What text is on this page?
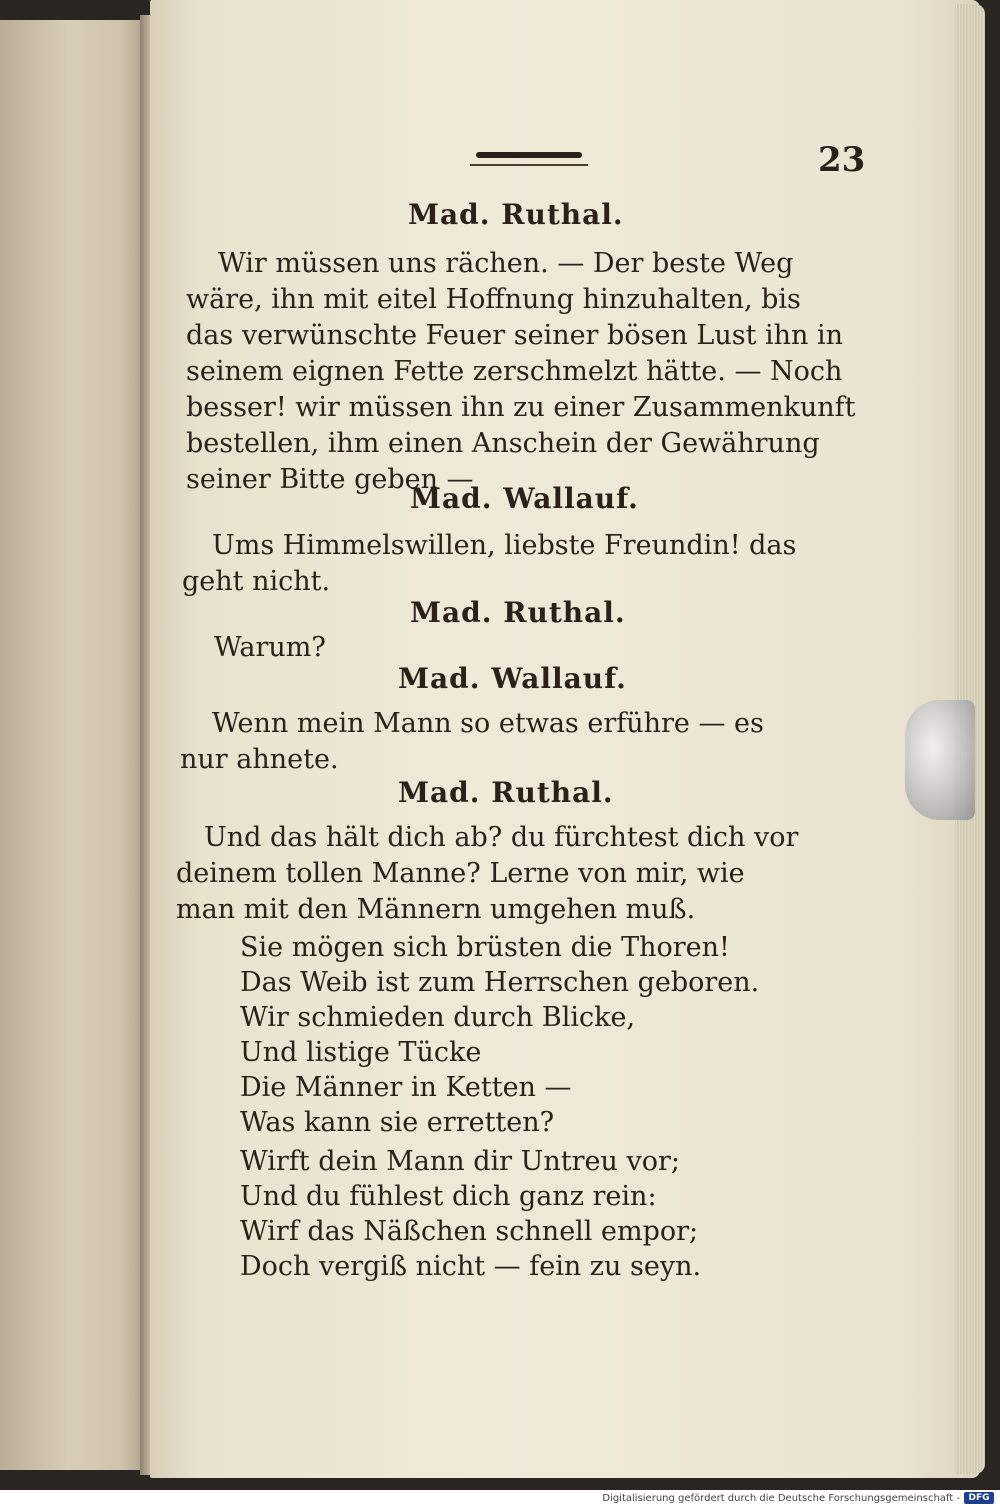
23
Mad. Ruthal.
Wir müssen uns rächen. — Der beste Weg
wäre, ihn mit eitel Hoffnung hinzuhalten, bis
das verwünschte Feuer seiner bösen Lust ihn in
seinem eignen Fette zerschmelzt hätte. — Noch
besser! wir müssen ihn zu einer Zusammenkunft
bestellen, ihm einen Anschein der Gewährung
seiner Bitte geben —
Mad. Wallauf.
Ums Himmelswillen, liebste Freundin! das
geht nicht.
Mad. Ruthal.
Warum?
Mad. Wallauf.
Wenn mein Mann so etwas erführe — es
nur ahnete.
Mad. Ruthal.
Und das hält dich ab? du fürchtest dich vor
deinem tollen Manne? Lerne von mir, wie
man mit den Männern umgehen muß.
Sie mögen sich brüsten die Thoren!
Das Weib ist zum Herrschen geboren.
Wir schmieden durch Blicke,
Und listige Tücke
Die Männer in Ketten —
Was kann sie erretten?
Wirft dein Mann dir Untreu vor;
Und du fühlest dich ganz rein:
Wirf das Näßchen schnell empor;
Doch vergiß nicht — fein zu seyn.
Digitalisierung gefördert durch die Deutsche Forschungsgemeinschaft - DFG
